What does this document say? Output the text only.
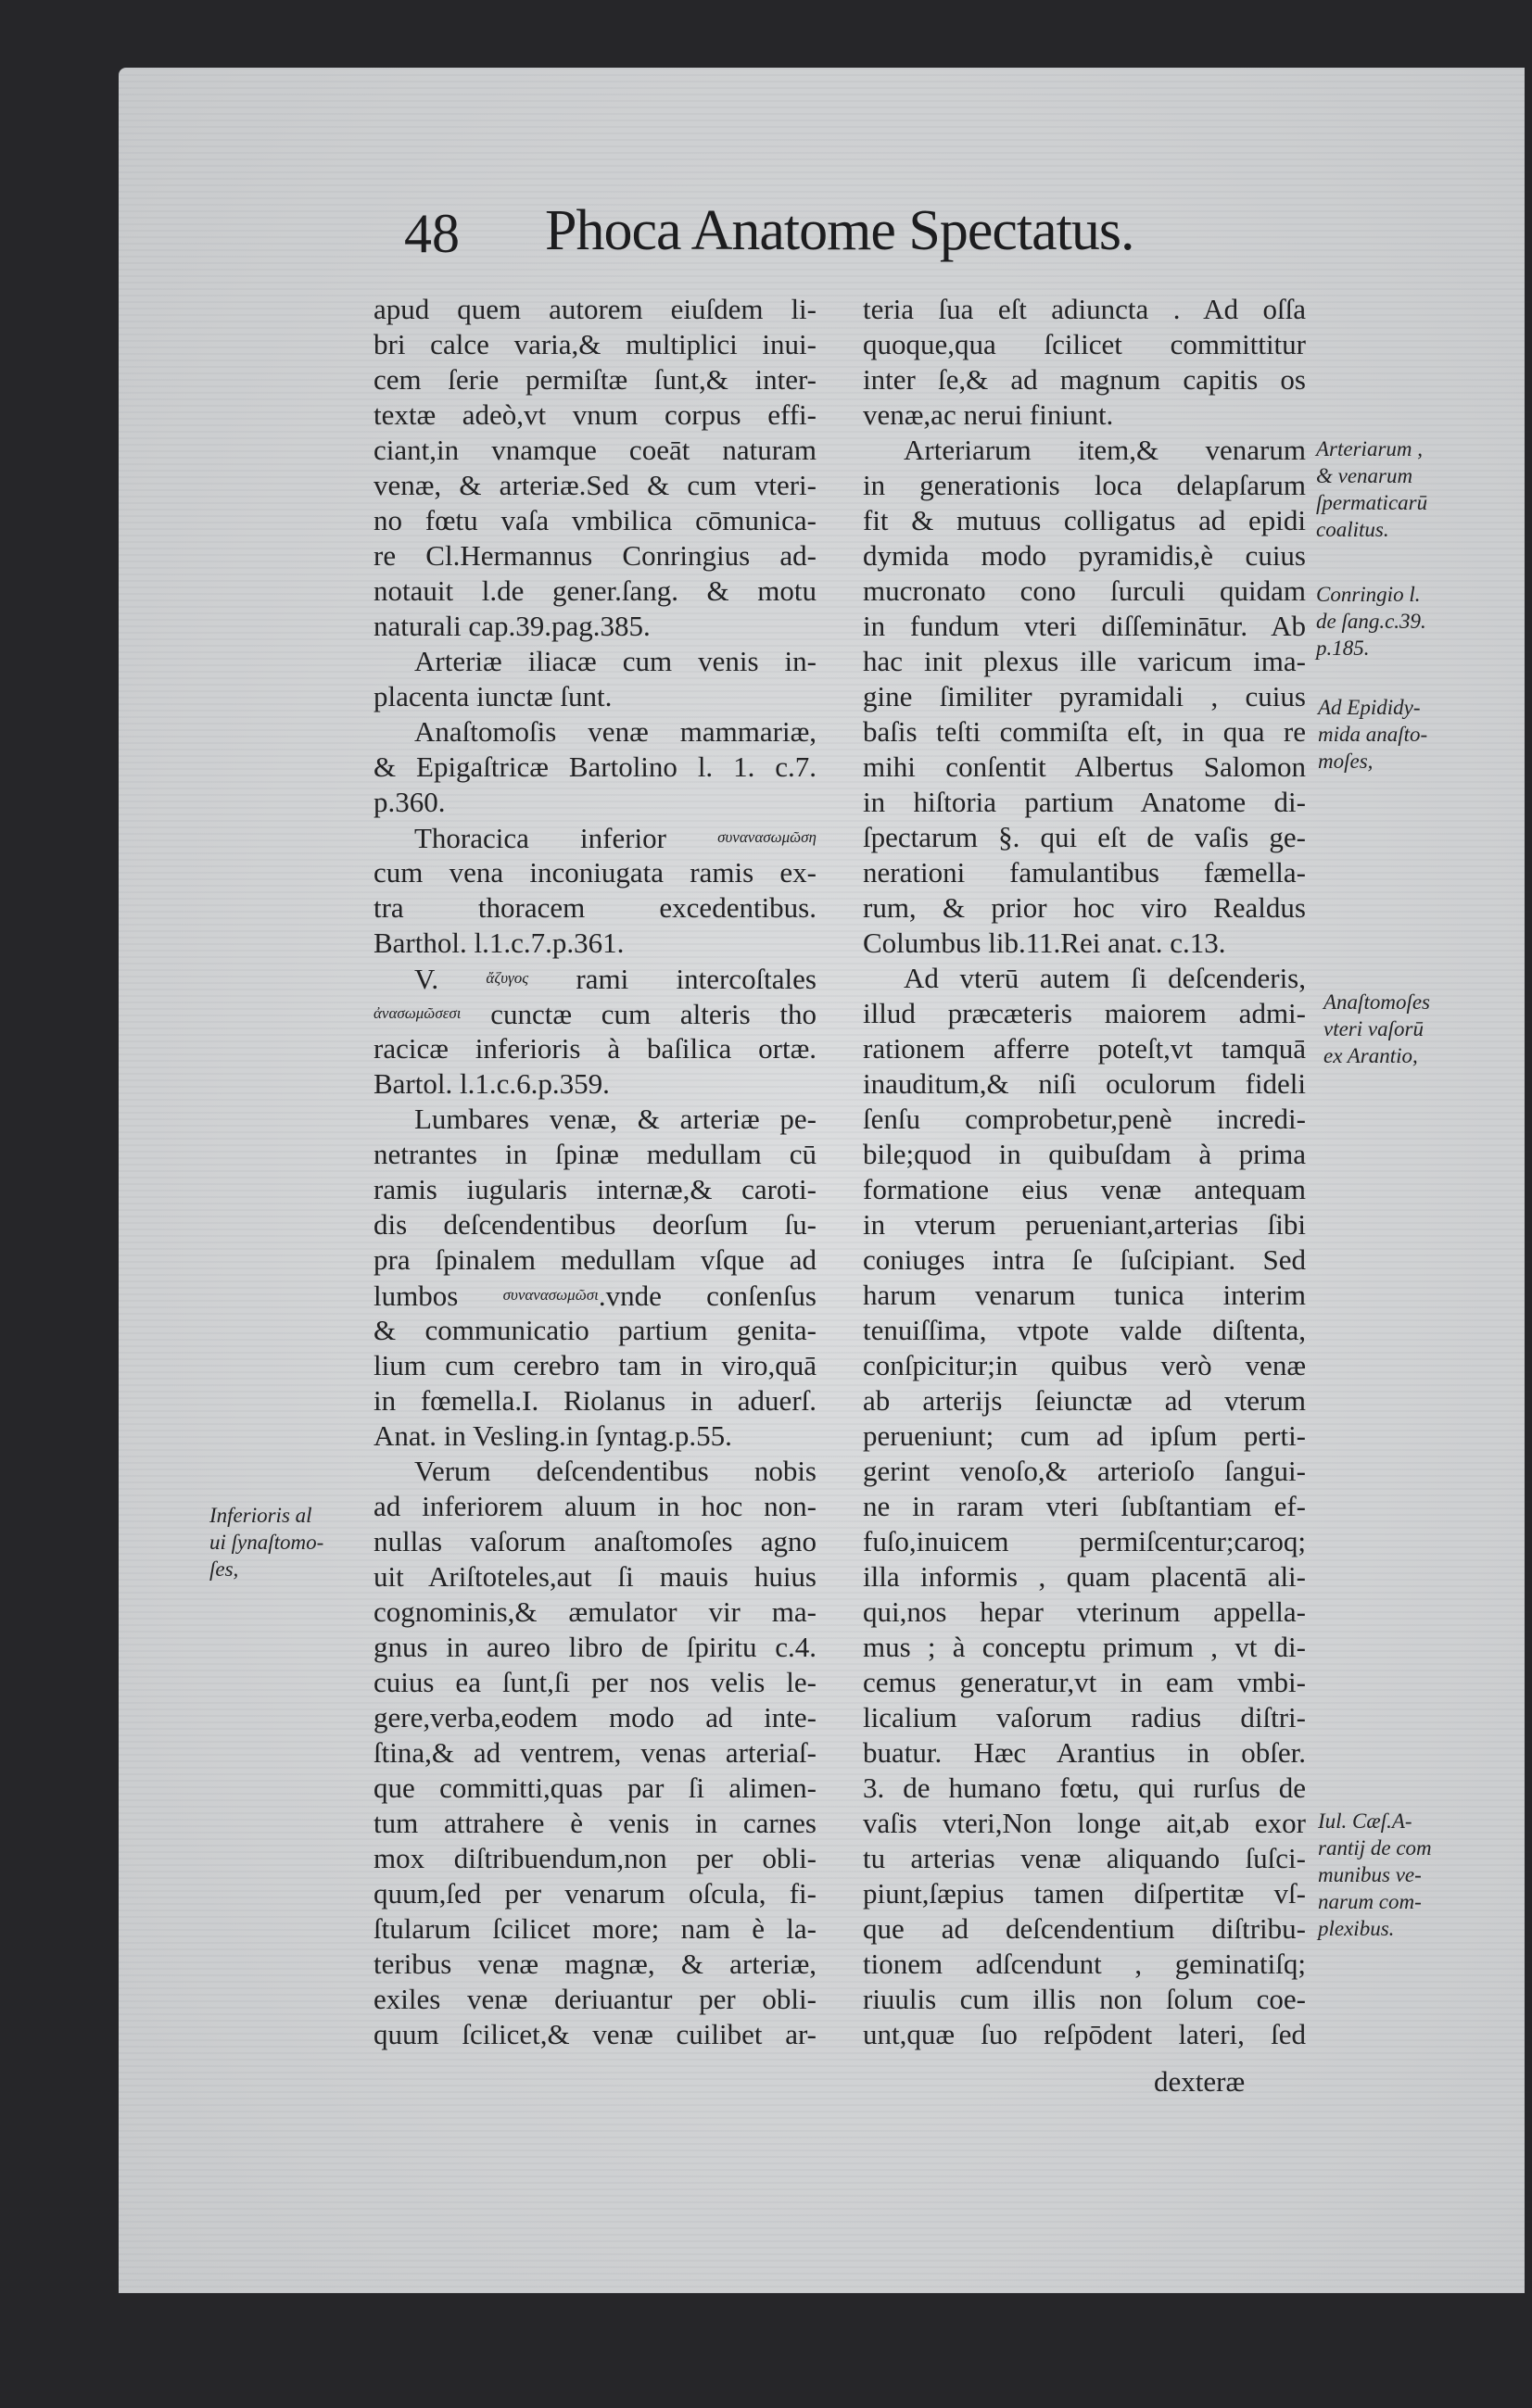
48 Phoca Anatome Spectatus.
apud quem autorem eiuſdem li-
bri calce varia,& multiplici inui-
cem ſerie permiſtæ ſunt,& inter-
textæ adeò,vt vnum corpus effi-
ciant,in vnamque coeāt naturam
venæ, & arteriæ.Sed & cum vteri-
no fœtu vaſa vmbilica cōmunica-
re Cl.Hermannus Conringius ad-
notauit l.de gener.ſang. & motu
naturali cap.39.pag.385.
Arteriæ iliacæ cum venis in-
placenta iunctæ ſunt.
Anaſtomoſis venæ mammariæ,
& Epigaſtricæ Bartolino l. 1. c.7.
p.360.
Thoracica inferior συνανασωμῶση
cum vena inconiugata ramis ex-
tra thoracem excedentibus.
Barthol. l.1.c.7.p.361.
V. ἄζυγος rami intercoſtales
ἀνασωμῶσεσι cunctæ cum alteris tho
racicæ inferioris à baſilica ortæ.
Bartol. l.1.c.6.p.359.
Lumbares venæ, & arteriæ pe-
netrantes in ſpinæ medullam cū
ramis iugularis internæ,& caroti-
dis deſcendentibus deorſum ſu-
pra ſpinalem medullam vſque ad
lumbos συνανασωμῶσι.vnde conſenſus
& communicatio partium genita-
lium cum cerebro tam in viro,quā
in fœmella.I. Riolanus in aduerſ.
Anat. in Vesling.in ſyntag.p.55.
Verum deſcendentibus nobis
ad inferiorem aluum in hoc non-
nullas vaſorum anaſtomoſes agno
uit Ariſtoteles,aut ſi mauis huius
cognominis,& æmulator vir ma-
gnus in aureo libro de ſpiritu c.4.
cuius ea ſunt,ſi per nos velis le-
gere,verba,eodem modo ad inte-
ſtina,& ad ventrem, venas arteriaſ-
que committi,quas par ſi alimen-
tum attrahere è venis in carnes
mox diſtribuendum,non per obli-
quum,ſed per venarum oſcula, fi-
ſtularum ſcilicet more; nam è la-
teribus venæ magnæ, & arteriæ,
exiles venæ deriuantur per obli-
quum ſcilicet,& venæ cuilibet ar-
teria ſua eſt adiuncta . Ad oſſa
quoque,qua ſcilicet committitur
inter ſe,& ad magnum capitis os
venæ,ac nerui finiunt.
Arteriarum item,& venarum
in generationis loca delapſarum
fit & mutuus colligatus ad epidi
dymida modo pyramidis,è cuius
mucronato cono ſurculi quidam
in fundum vteri diſſeminātur. Ab
hac init plexus ille varicum ima-
gine ſimiliter pyramidali , cuius
baſis teſti commiſta eſt, in qua re
mihi conſentit Albertus Salomon
in hiſtoria partium Anatome di-
ſpectarum §. qui eſt de vaſis ge-
nerationi famulantibus fæmella-
rum, & prior hoc viro Realdus
Columbus lib.11.Rei anat. c.13.
Ad vterū autem ſi deſcenderis,
illud præcæteris maiorem admi-
rationem afferre poteſt,vt tamquā
inauditum,& niſi oculorum fideli
ſenſu comprobetur,penè incredi-
bile;quod in quibuſdam à prima
formatione eius venæ antequam
in vterum perueniant,arterias ſibi
coniuges intra ſe ſuſcipiant. Sed
harum venarum tunica interim
tenuiſſima, vtpote valde diſtenta,
conſpicitur;in quibus verò venæ
ab arterijs ſeiunctæ ad vterum
perueniunt; cum ad ipſum perti-
gerint venoſo,& arterioſo ſangui-
ne in raram vteri ſubſtantiam ef-
fuſo,inuicem permiſcentur;caroq;
illa informis , quam placentā ali-
qui,nos hepar vterinum appella-
mus ; à conceptu primum , vt di-
cemus generatur,vt in eam vmbi-
licalium vaſorum radius diſtri-
buatur. Hæc Arantius in obſer.
3. de humano fœtu, qui rurſus de
vaſis vteri,Non longe ait,ab exor
tu arterias venæ aliquando ſuſci-
piunt,ſæpius tamen diſpertitæ vſ-
que ad deſcendentium diſtribu-
tionem adſcendunt , geminatiſq;
riuulis cum illis non ſolum coe-
unt,quæ ſuo reſpōdent lateri, ſed
dexteræ
Arteriarum ,
& venarum
ſpermaticarū
coalitus.
Conringio l.
de ſang.c.39.
p.185.
Ad Epididy-
mida anaſto-
moſes,
Anaſtomoſes
vteri vaſorū
ex Arantio,
Iul. Cæſ.A-
rantij de com
munibus ve-
narum com-
plexibus.
Inferioris al
ui ſynaſtomo-
ſes,
